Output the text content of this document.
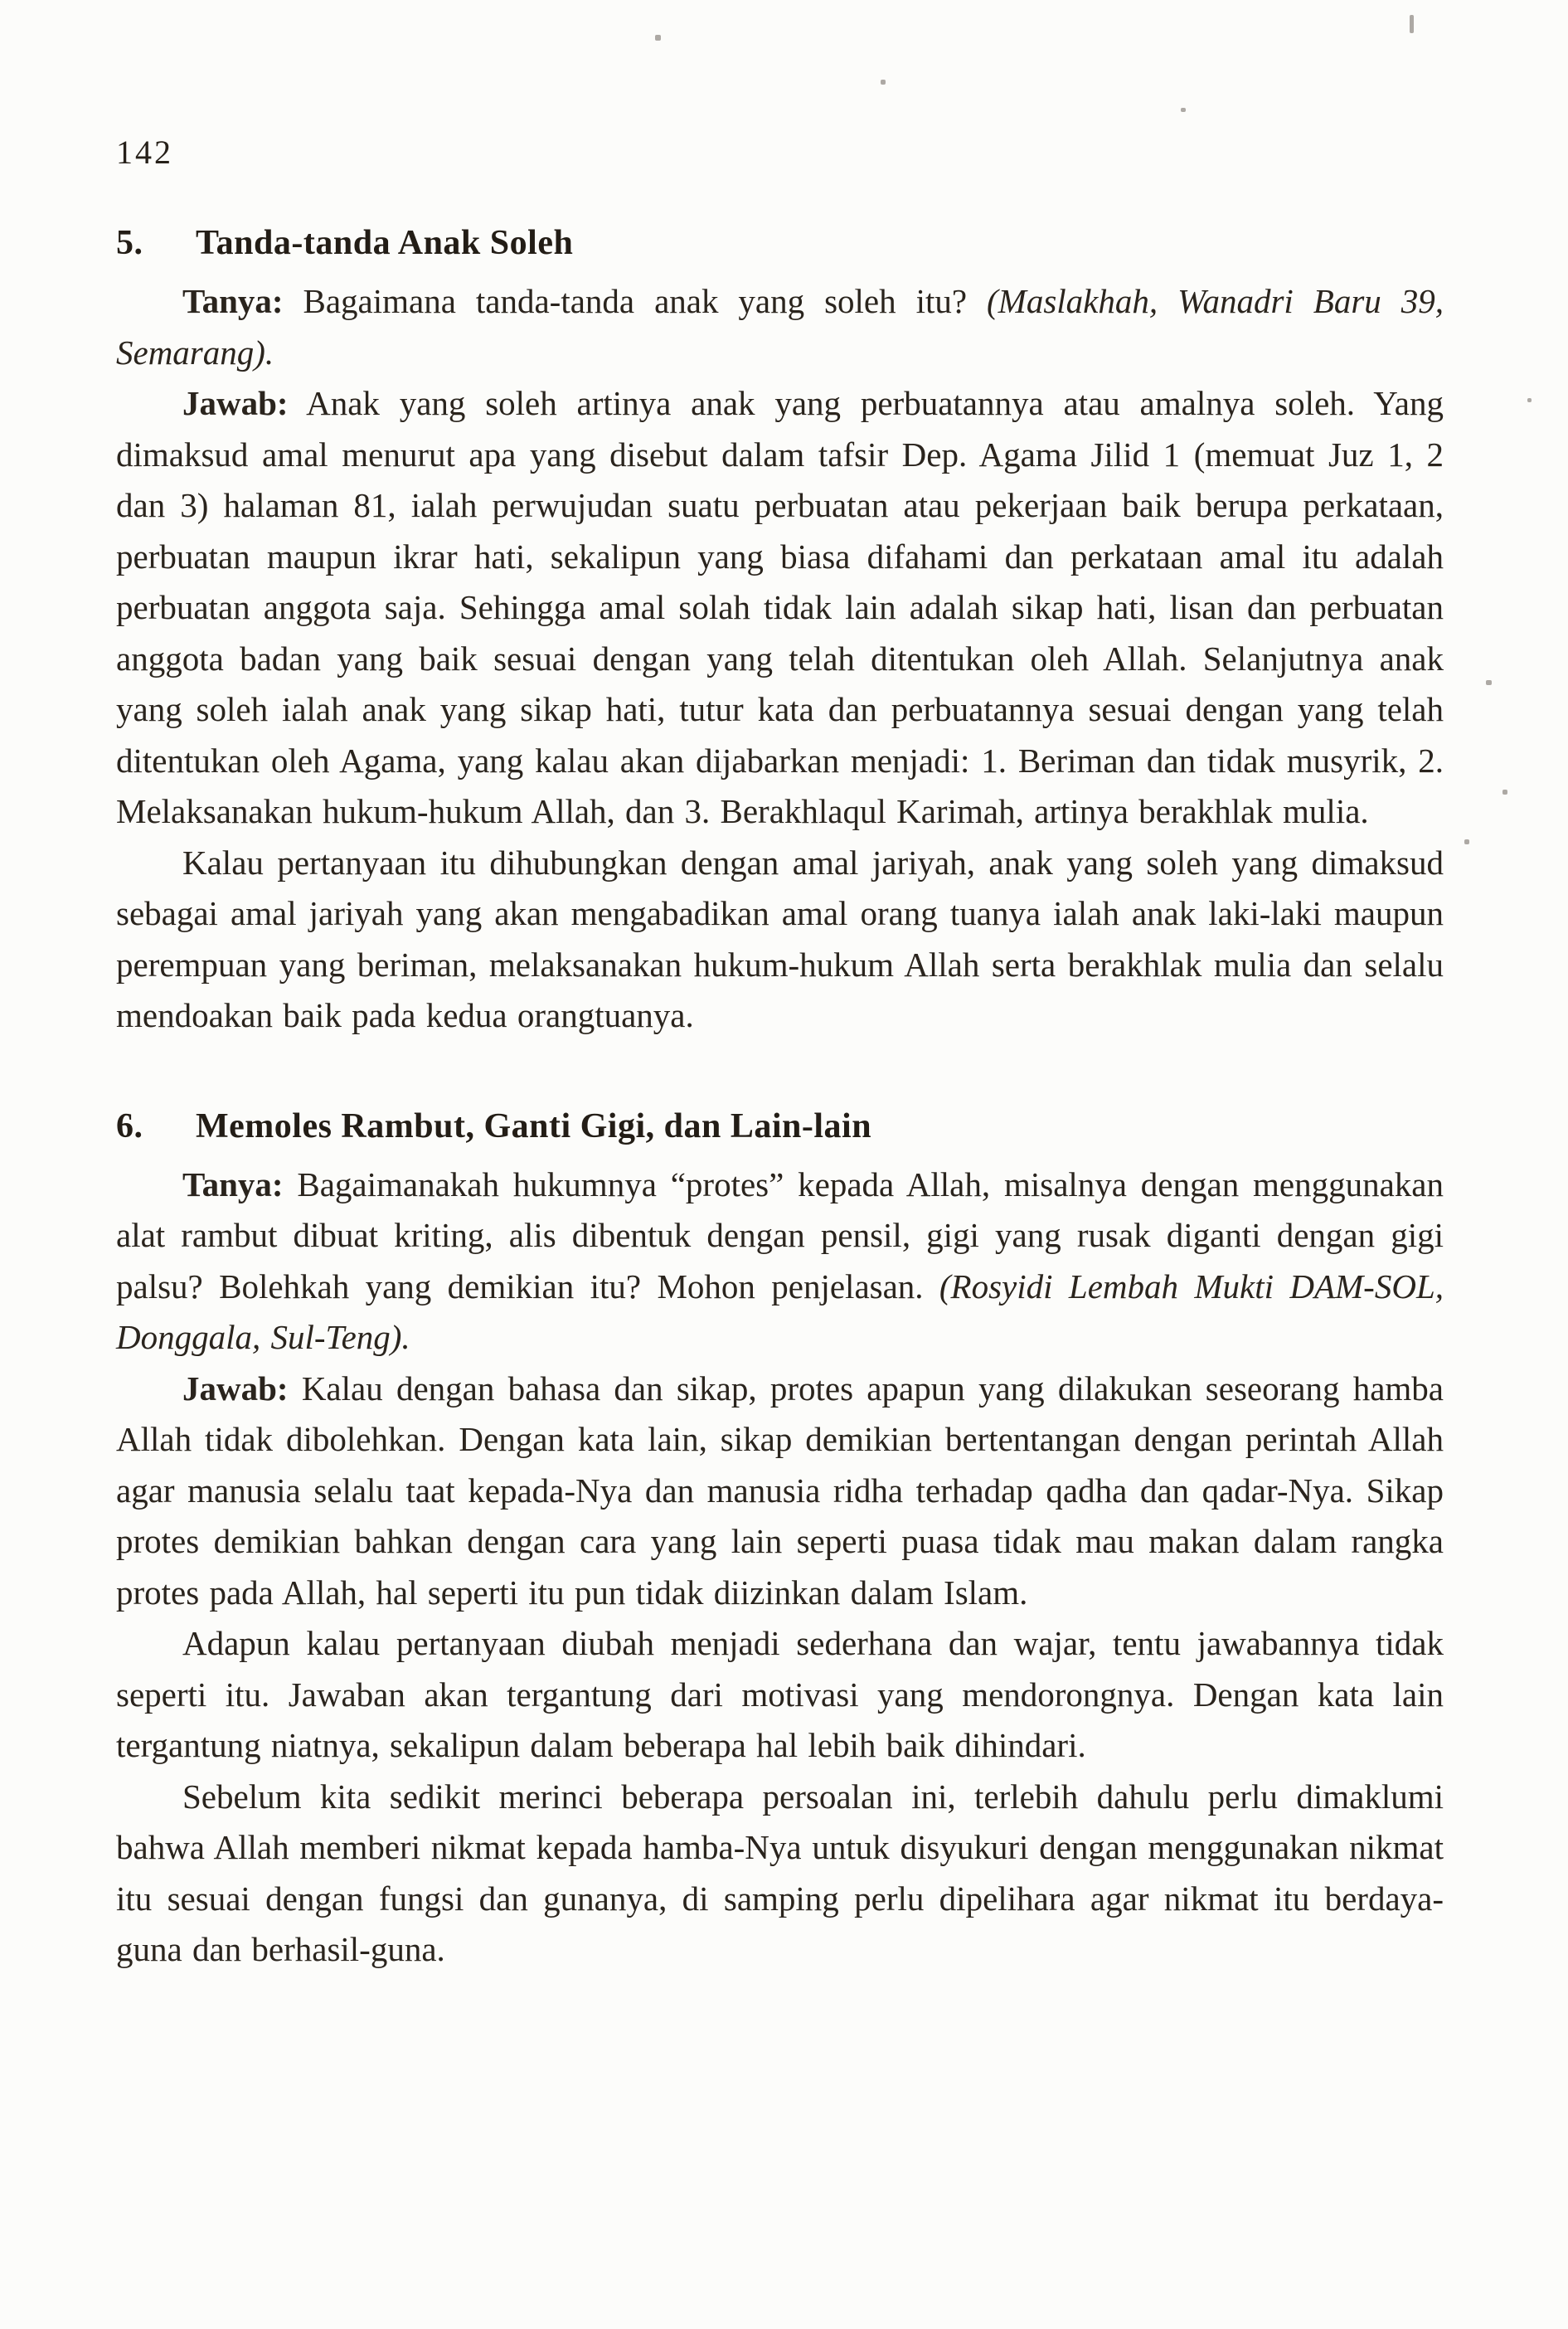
142
5. Tanda-tanda Anak Soleh

Tanya: Bagaimana tanda-tanda anak yang soleh itu? (Maslakhah, Wanadri Baru 39, Semarang).

Jawab: Anak yang soleh artinya anak yang perbuatannya atau amalnya soleh. Yang dimaksud amal menurut apa yang disebut dalam tafsir Dep. Agama Jilid 1 (memuat Juz 1, 2 dan 3) halaman 81, ialah perwujudan suatu perbuatan atau pekerjaan baik berupa perkataan, perbuatan maupun ikrar hati, sekalipun yang biasa difahami dan perkataan amal itu adalah perbuatan anggota saja. Sehingga amal solah tidak lain adalah sikap hati, lisan dan perbuatan anggota badan yang baik sesuai dengan yang telah ditentukan oleh Allah. Selanjutnya anak yang soleh ialah anak yang sikap hati, tutur kata dan perbuatannya sesuai dengan yang telah ditentukan oleh Agama, yang kalau akan dijabarkan menjadi: 1. Beriman dan tidak musyrik, 2. Melaksanakan hukum-hukum Allah, dan 3. Berakhlaqul Karimah, artinya berakhlak mulia.

Kalau pertanyaan itu dihubungkan dengan amal jariyah, anak yang soleh yang dimaksud sebagai amal jariyah yang akan mengabadikan amal orang tuanya ialah anak laki-laki maupun perempuan yang beriman, melaksanakan hukum-hukum Allah serta berakhlak mulia dan selalu mendoakan baik pada kedua orangtuanya.

6. Memoles Rambut, Ganti Gigi, dan Lain-lain

Tanya: Bagaimanakah hukumnya “protes” kepada Allah, misalnya dengan menggunakan alat rambut dibuat kriting, alis dibentuk dengan pensil, gigi yang rusak diganti dengan gigi palsu? Bolehkah yang demikian itu? Mohon penjelasan. (Rosyidi Lembah Mukti DAM-SOL, Donggala, Sul-Teng).

Jawab: Kalau dengan bahasa dan sikap, protes apapun yang dilakukan seseorang hamba Allah tidak dibolehkan. Dengan kata lain, sikap demikian bertentangan dengan perintah Allah agar manusia selalu taat kepada-Nya dan manusia ridha terhadap qadha dan qadar-Nya. Sikap protes demikian bahkan dengan cara yang lain seperti puasa tidak mau makan dalam rangka protes pada Allah, hal seperti itu pun tidak diizinkan dalam Islam.

Adapun kalau pertanyaan diubah menjadi sederhana dan wajar, tentu jawabannya tidak seperti itu. Jawaban akan tergantung dari motivasi yang mendorongnya. Dengan kata lain tergantung niatnya, sekalipun dalam beberapa hal lebih baik dihindari.

Sebelum kita sedikit merinci beberapa persoalan ini, terlebih dahulu perlu dimaklumi bahwa Allah memberi nikmat kepada hamba-Nya untuk disyukuri dengan menggunakan nikmat itu sesuai dengan fungsi dan gunanya, di samping perlu dipelihara agar nikmat itu berdaya-guna dan berhasil-guna.
